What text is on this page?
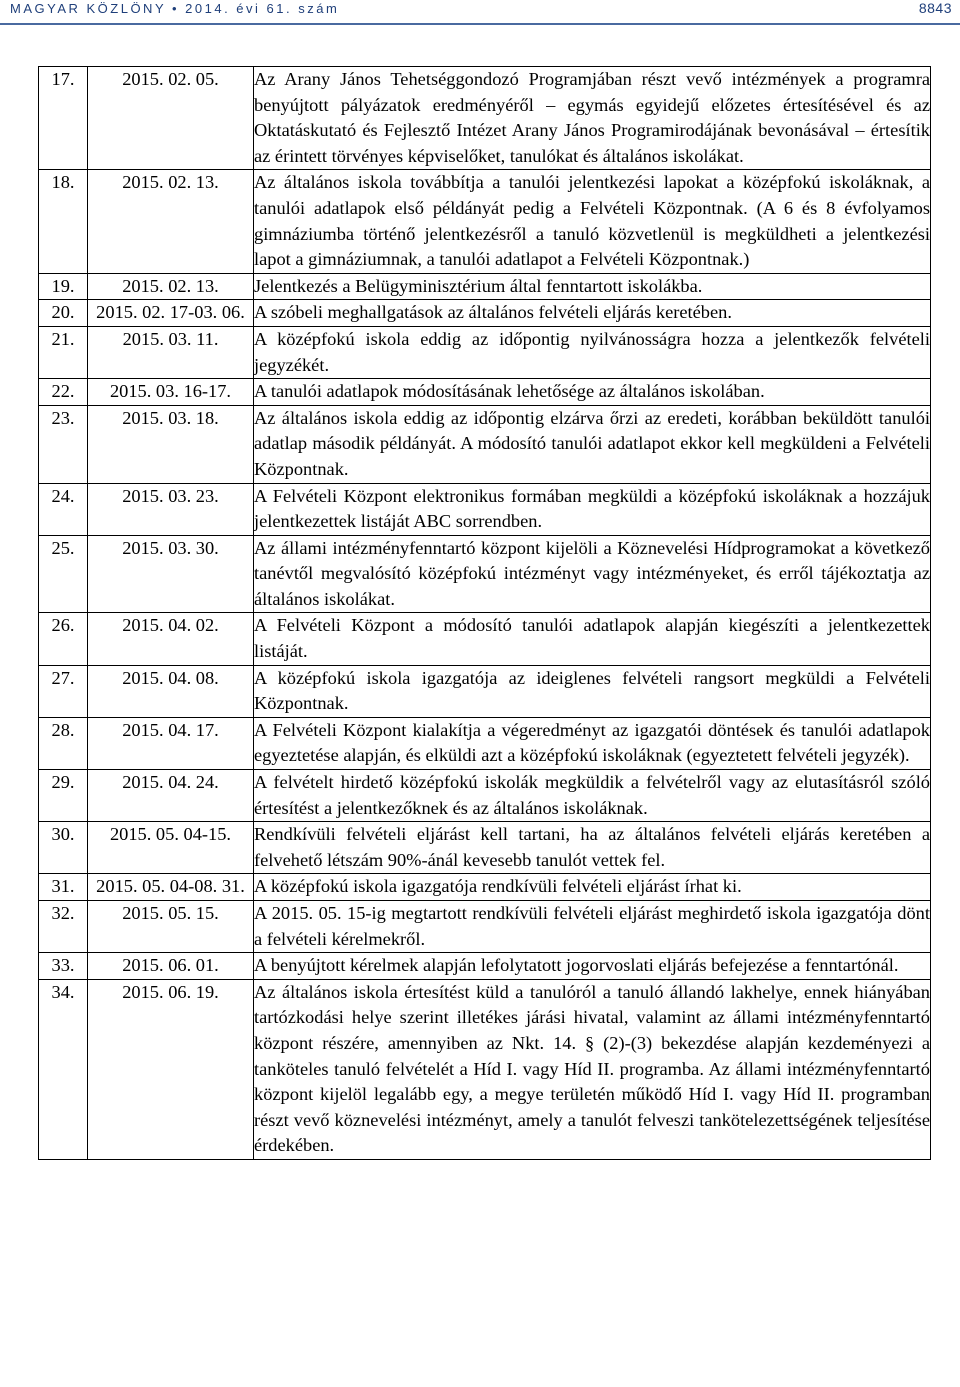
MAGYAR KÖZLÖNY • 2014. évi 61. szám	8843
17.	2015. 02. 05.	Az Arany János Tehetséggondozó Programjában részt vevő intézmények a programra benyújtott pályázatok eredményéről – egymás egyidejű előzetes értesítésével és az Oktatáskutató és Fejlesztő Intézet Arany János Programirodájának bevonásával – értesítik az érintett törvényes képviselőket, tanulókat és általános iskolákat.
18.	2015. 02. 13.	Az általános iskola továbbítja a tanulói jelentkezési lapokat a középfokú iskoláknak, a tanulói adatlapok első példányát pedig a Felvételi Központnak. (A 6 és 8 évfolyamos gimnáziumba történő jelentkezésről a tanuló közvetlenül is megküldheti a jelentkezési lapot a gimnáziumnak, a tanulói adatlapot a Felvételi Központnak.)
19.	2015. 02. 13.	Jelentkezés a Belügyminisztérium által fenntartott iskolákba.
20.	2015. 02. 17-03. 06.	A szóbeli meghallgatások az általános felvételi eljárás keretében.
21.	2015. 03. 11.	A középfokú iskola eddig az időpontig nyilvánosságra hozza a jelentkezők felvételi jegyzékét.
22.	2015. 03. 16-17.	A tanulói adatlapok módosításának lehetősége az általános iskolában.
23.	2015. 03. 18.	Az általános iskola eddig az időpontig elzárva őrzi az eredeti, korábban beküldött tanulói adatlap második példányát. A módosító tanulói adatlapot ekkor kell megküldeni a Felvételi Központnak.
24.	2015. 03. 23.	A Felvételi Központ elektronikus formában megküldi a középfokú iskoláknak a hozzájuk jelentkezettek listáját ABC sorrendben.
25.	2015. 03. 30.	Az állami intézményfenntartó központ kijelöli a Köznevelési Hídprogramokat a következő tanévtől megvalósító középfokú intézményt vagy intézményeket, és erről tájékoztatja az általános iskolákat.
26.	2015. 04. 02.	A Felvételi Központ a módosító tanulói adatlapok alapján kiegészíti a jelentkezettek listáját.
27.	2015. 04. 08.	A középfokú iskola igazgatója az ideiglenes felvételi rangsort megküldi a Felvételi Központnak.
28.	2015. 04. 17.	A Felvételi Központ kialakítja a végeredményt az igazgatói döntések és tanulói adatlapok egyeztetése alapján, és elküldi azt a középfokú iskoláknak (egyeztetett felvételi jegyzék).
29.	2015. 04. 24.	A felvételt hirdető középfokú iskolák megküldik a felvételről vagy az elutasításról szóló értesítést a jelentkezőknek és az általános iskoláknak.
30.	2015. 05. 04-15.	Rendkívüli felvételi eljárást kell tartani, ha az általános felvételi eljárás keretében a felvehető létszám 90%-ánál kevesebb tanulót vettek fel.
31.	2015. 05. 04-08. 31.	A középfokú iskola igazgatója rendkívüli felvételi eljárást írhat ki.
32.	2015. 05. 15.	A 2015. 05. 15-ig megtartott rendkívüli felvételi eljárást meghirdető iskola igazgatója dönt a felvételi kérelmekről.
33.	2015. 06. 01.	A benyújtott kérelmek alapján lefolytatott jogorvoslati eljárás befejezése a fenntartónál.
34.	2015. 06. 19.	Az általános iskola értesítést küld a tanulóról a tanuló állandó lakhelye, ennek hiányában tartózkodási helye szerint illetékes járási hivatal, valamint az állami intézményfenntartó központ részére, amennyiben az Nkt. 14. § (2)-(3) bekezdése alapján kezdeményezi a tanköteles tanuló felvételét a Híd I. vagy Híd II. programba. Az állami intézményfenntartó központ kijelöl legalább egy, a megye területén működő Híd I. vagy Híd II. programban részt vevő köznevelési intézményt, amely a tanulót felveszi tankötelezettségének teljesítése érdekében.
